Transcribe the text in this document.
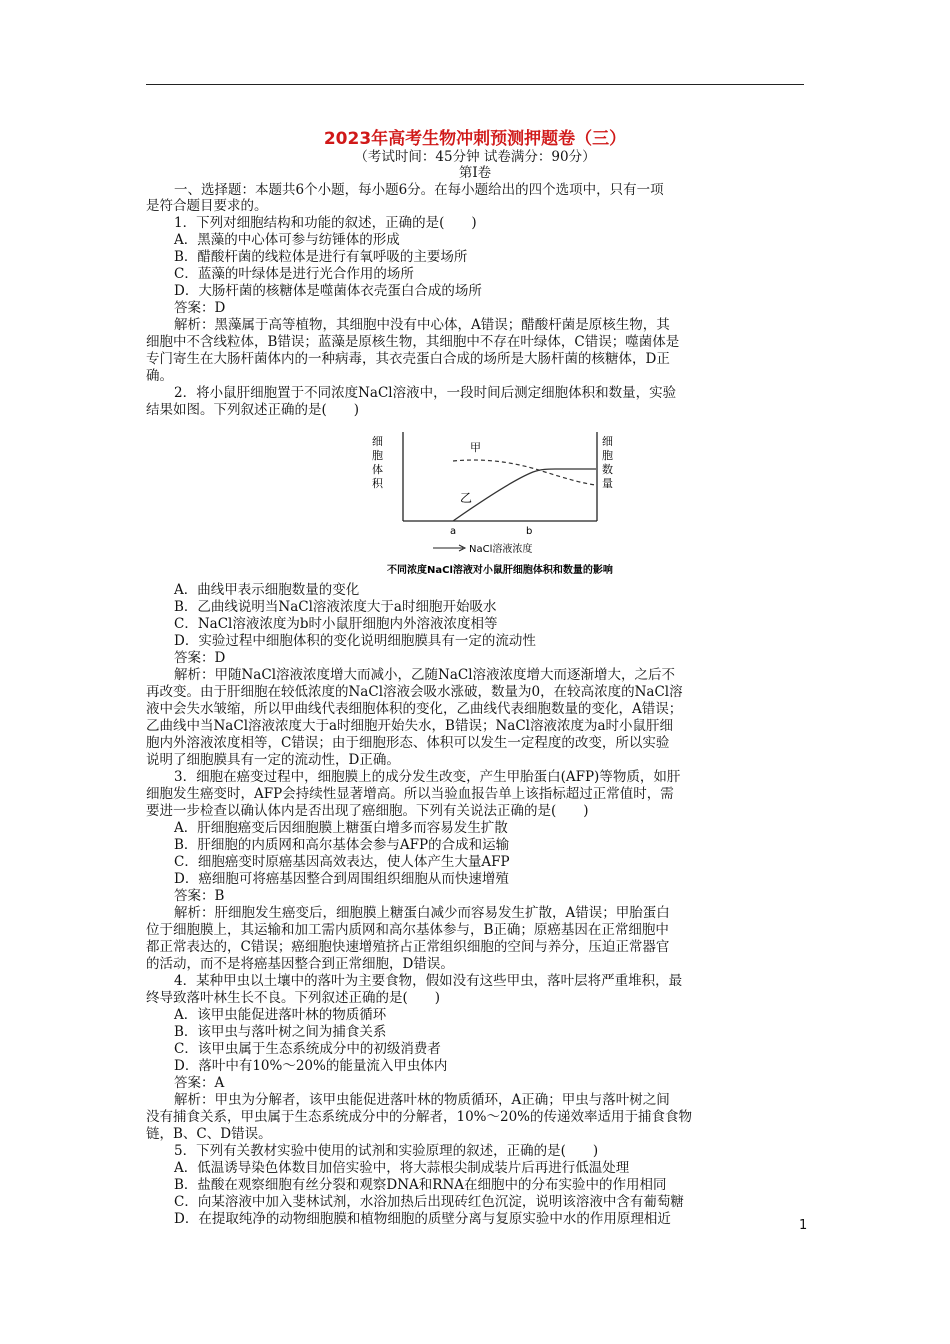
2023年高考生物冲刺预测押题卷（三）
（考试时间：45分钟 试卷满分：90分）
第Ⅰ卷
一、选择题：本题共6个小题，每小题6分。在每小题给出的四个选项中，只有一项
是符合题目要求的。
1．下列对细胞结构和功能的叙述，正确的是(　　)
A．黑藻的中心体可参与纺锤体的形成
B．醋酸杆菌的线粒体是进行有氧呼吸的主要场所
C．蓝藻的叶绿体是进行光合作用的场所
D．大肠杆菌的核糖体是噬菌体衣壳蛋白合成的场所
答案：D
解析：黑藻属于高等植物，其细胞中没有中心体，A错误；醋酸杆菌是原核生物，其
细胞中不含线粒体，B错误；蓝藻是原核生物，其细胞中不存在叶绿体，C错误；噬菌体是
专门寄生在大肠杆菌体内的一种病毒，其衣壳蛋白合成的场所是大肠杆菌的核糖体，D正
确。
2．将小鼠肝细胞置于不同浓度NaCl溶液中，一段时间后测定细胞体积和数量，实验
结果如图。下列叙述正确的是(　　)
细
胞
体
积
细
胞
数
量
甲
乙
a	b
NaCl溶液浓度
不同浓度NaCl溶液对小鼠肝细胞体积和数量的影响
A．曲线甲表示细胞数量的变化
B．乙曲线说明当NaCl溶液浓度大于a时细胞开始吸水
C．NaCl溶液浓度为b时小鼠肝细胞内外溶液浓度相等
D．实验过程中细胞体积的变化说明细胞膜具有一定的流动性
答案：D
解析：甲随NaCl溶液浓度增大而减小，乙随NaCl溶液浓度增大而逐渐增大，之后不
再改变。由于肝细胞在较低浓度的NaCl溶液会吸水涨破，数量为0，在较高浓度的NaCl溶
液中会失水皱缩，所以甲曲线代表细胞体积的变化，乙曲线代表细胞数量的变化，A错误；
乙曲线中当NaCl溶液浓度大于a时细胞开始失水，B错误；NaCl溶液浓度为a时小鼠肝细
胞内外溶液浓度相等，C错误；由于细胞形态、体积可以发生一定程度的改变，所以实验
说明了细胞膜具有一定的流动性，D正确。
3．细胞在癌变过程中，细胞膜上的成分发生改变，产生甲胎蛋白(AFP)等物质，如肝
细胞发生癌变时，AFP会持续性显著增高。所以当验血报告单上该指标超过正常值时，需
要进一步检查以确认体内是否出现了癌细胞。下列有关说法正确的是(　　)
A．肝细胞癌变后因细胞膜上糖蛋白增多而容易发生扩散
B．肝细胞的内质网和高尔基体会参与AFP的合成和运输
C．细胞癌变时原癌基因高效表达，使人体产生大量AFP
D．癌细胞可将癌基因整合到周围组织细胞从而快速增殖
答案：B
解析：肝细胞发生癌变后，细胞膜上糖蛋白减少而容易发生扩散，A错误；甲胎蛋白
位于细胞膜上，其运输和加工需内质网和高尔基体参与，B正确；原癌基因在正常细胞中
都正常表达的，C错误；癌细胞快速增殖挤占正常组织细胞的空间与养分，压迫正常器官
的活动，而不是将癌基因整合到正常细胞，D错误。
4．某种甲虫以土壤中的落叶为主要食物，假如没有这些甲虫，落叶层将严重堆积，最
终导致落叶林生长不良。下列叙述正确的是(　　)
A．该甲虫能促进落叶林的物质循环
B．该甲虫与落叶树之间为捕食关系
C．该甲虫属于生态系统成分中的初级消费者
D．落叶中有10%～20%的能量流入甲虫体内
答案：A
解析：甲虫为分解者，该甲虫能促进落叶林的物质循环，A正确；甲虫与落叶树之间
没有捕食关系，甲虫属于生态系统成分中的分解者，10%～20%的传递效率适用于捕食食物
链，B、C、D错误。
5．下列有关教材实验中使用的试剂和实验原理的叙述，正确的是(　　)
A．低温诱导染色体数目加倍实验中，将大蒜根尖制成装片后再进行低温处理
B．盐酸在观察细胞有丝分裂和观察DNA和RNA在细胞中的分布实验中的作用相同
C．向某溶液中加入斐林试剂，水浴加热后出现砖红色沉淀，说明该溶液中含有葡萄糖
D．在提取纯净的动物细胞膜和植物细胞的质壁分离与复原实验中水的作用原理相近	1
